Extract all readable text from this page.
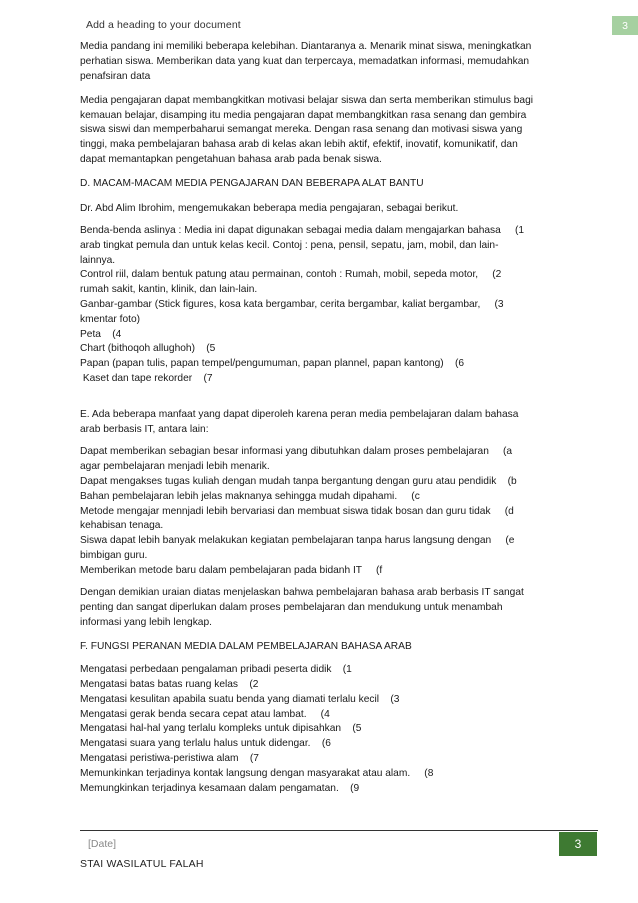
Add a heading to your document	3

Media pandang ini memiliki beberapa kelebihan. Diantaranya a. Menarik minat siswa, meningkatkan
perhatian siswa. Memberikan data yang kuat dan terpercaya, memadatkan informasi, memudahkan
penafsiran data

Media pengajaran dapat membangkitkan motivasi belajar siswa dan serta memberikan stimulus bagi
kemauan belajar, disamping itu media pengajaran dapat membangkitkan rasa senang dan gembira
siswa siswi dan memperbaharui semangat mereka. Dengan rasa senang dan motivasi siswa yang
tinggi, maka pembelajaran bahasa arab di kelas akan lebih aktif, efektif, inovatif, komunikatif, dan
dapat memantapkan pengetahuan bahasa arab pada benak siswa.

D. MACAM-MACAM MEDIA PENGAJARAN DAN BEBERAPA ALAT BANTU

Dr. Abd Alim Ibrohim, mengemukakan beberapa media pengajaran, sebagai berikut.

Benda-benda aslinya : Media ini dapat digunakan sebagai media dalam mengajarkan bahasa     (1
arab tingkat pemula dan untuk kelas kecil. Contoj : pena, pensil, sepatu, jam, mobil, dan lain-
lainnya.
Control riil, dalam bentuk patung atau permainan, contoh : Rumah, mobil, sepeda motor,     (2
rumah sakit, kantin, klinik, dan lain-lain.
Ganbar-gambar (Stick figures, kosa kata bergambar, cerita bergambar, kaliat bergambar,     (3
kmentar foto)
Peta    (4
Chart (bithoqoh allughoh)    (5
Papan (papan tulis, papan tempel/pengumuman, papan plannel, papan kantong)    (6
Kaset dan tape rekorder    (7

E. Ada beberapa manfaat yang dapat diperoleh karena peran media pembelajaran dalam bahasa
arab berbasis IT, antara lain:

Dapat memberikan sebagian besar informasi yang dibutuhkan dalam proses pembelajaran     (a
agar pembelajaran menjadi lebih menarik.
Dapat mengakses tugas kuliah dengan mudah tanpa bergantung dengan guru atau pendidik    (b
Bahan pembelajaran lebih jelas maknanya sehingga mudah dipahami.     (c
Metode mengajar mennjadi lebih bervariasi dan membuat siswa tidak bosan dan guru tidak     (d
kehabisan tenaga.
Siswa dapat lebih banyak melakukan kegiatan pembelajaran tanpa harus langsung dengan     (e
bimbigan guru.
Memberikan metode baru dalam pembelajaran pada bidanh IT     (f

Dengan demikian uraian diatas menjelaskan bahwa pembelajaran bahasa arab berbasis IT sangat
penting dan sangat diperlukan dalam proses pembelajaran dan mendukung untuk menambah
informasi yang lebih lengkap.

F. FUNGSI PERANAN MEDIA DALAM PEMBELAJARAN BAHASA ARAB

Mengatasi perbedaan pengalaman pribadi peserta didik    (1
Mengatasi batas batas ruang kelas    (2
Mengatasi kesulitan apabila suatu benda yang diamati terlalu kecil    (3
Mengatasi gerak benda secara cepat atau lambat.     (4
Mengatasi hal-hal yang terlalu kompleks untuk dipisahkan    (5
Mengatasi suara yang terlalu halus untuk didengar.    (6
Mengatasi peristiwa-peristiwa alam    (7
Memunkinkan terjadinya kontak langsung dengan masyarakat atau alam.     (8
Memungkinkan terjadinya kesamaan dalam pengamatan.    (9

[Date]
STAI WASILATUL FALAH
3
